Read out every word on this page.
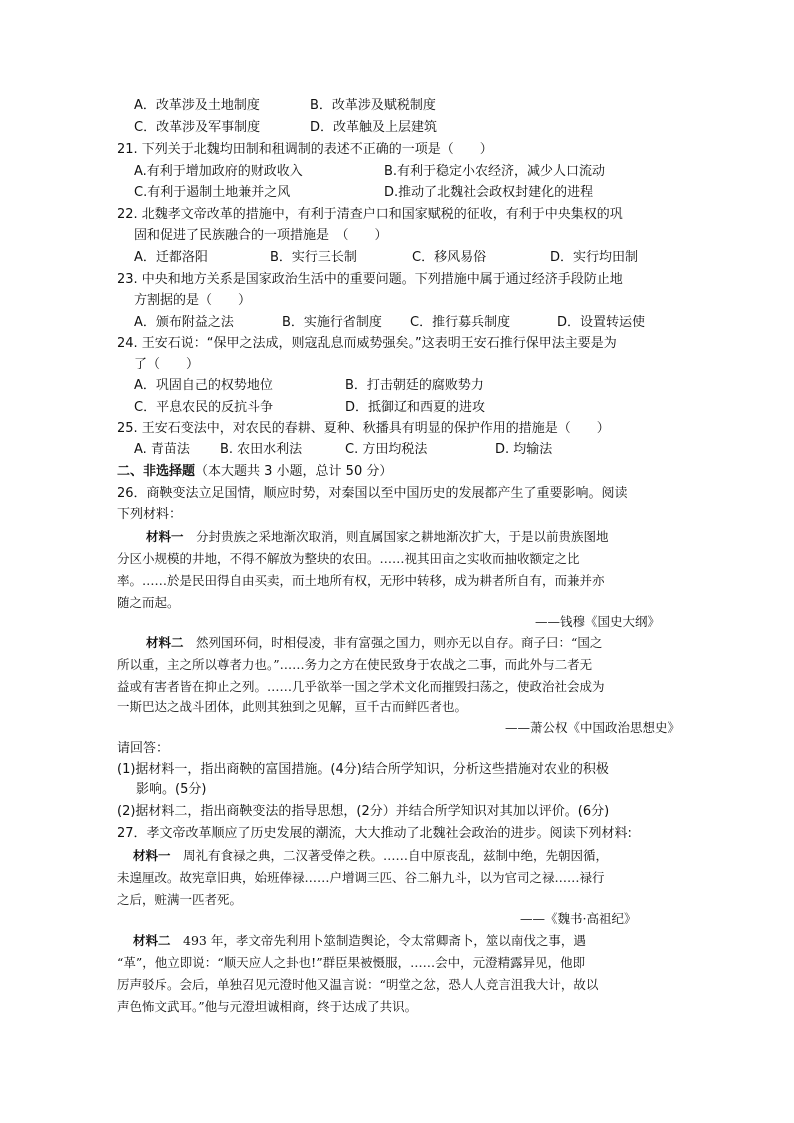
A．改革涉及土地制度	B．改革涉及赋税制度
C．改革涉及军事制度	D．改革触及上层建筑
21. 下列关于北魏均田制和租调制的表述不正确的一项是（　　）
A.有利于增加政府的财政收入	B.有利于稳定小农经济，减少人口流动
C.有利于遏制土地兼并之风	D.推动了北魏社会政权封建化的进程
22. 北魏孝文帝改革的措施中，有利于清查户口和国家赋税的征收，有利于中央集权的巩
固和促进了民族融合的一项措施是　（　　）
A．迁都洛阳	B．实行三长制	C．移风易俗	D．实行均田制
23. 中央和地方关系是国家政治生活中的重要问题。下列措施中属于通过经济手段防止地
方割据的是（　　）
A．颁布附益之法	B．实施行省制度 C．推行募兵制度	D．设置转运使
24. 王安石说：“保甲之法成，则寇乱息而威势强矣。”这表明王安石推行保甲法主要是为
了（　　）
A．巩固自己的权势地位	B．打击朝廷的腐败势力
C．平息农民的反抗斗争	D．抵御辽和西夏的进攻
25. 王安石变法中，对农民的春耕、夏种、秋播具有明显的保护作用的措施是（　　）
A. 青苗法 B. 农田水利法	C. 方田均税法	D. 均输法
二、非选择题（本大题共 3 小题，总计 50 分）
26．商鞅变法立足国情，顺应时势，对秦国以至中国历史的发展都产生了重要影响。阅读
下列材料：
材料一　 分封贵族之采地渐次取消，则直属国家之耕地渐次扩大，于是以前贵族图地
分区小规模的井地，不得不解放为整块的农田。……视其田亩之实收而抽收额定之比
率。……於是民田得自由买卖，而土地所有权，无形中转移，成为耕者所自有，而兼并亦
随之而起。
——钱穆《国史大纲》
材料二　 然列国环伺，时相侵凌，非有富强之国力，则亦无以自存。商子曰：“国之
所以重，主之所以尊者力也。”……务力之方在使民致身于农战之二事，而此外与二者无
益或有害者皆在抑止之列。……几乎欲举一国之学术文化而摧毁扫荡之，使政治社会成为
一斯巴达之战斗团体，此则其独到之见解，亘千古而鲜匹者也。
——萧公权《中国政治思想史》
请回答：
(1)据材料一，指出商鞅的富国措施。(4分)结合所学知识，分析这些措施对农业的积极
影响。(5分)
(2)据材料二，指出商鞅变法的指导思想，(2分）并结合所学知识对其加以评价。(6分)
27．孝文帝改革顺应了历史发展的潮流，大大推动了北魏社会政治的进步。阅读下列材料:
材料一　 周礼有食禄之典，二汉著受俸之秩。……自中原丧乱，兹制中绝，先朝因循，
未遑厘改。故宪章旧典，始班俸禄……户增调三匹、谷二斛九斗，以为官司之禄……禄行
之后，赃满一匹者死。
——《魏书·高祖纪》
材料二　 493 年，孝文帝先利用卜筮制造舆论，令太常卿斋卜，筮以南伐之事，遇
“革”，他立即说：“顺天应人之卦也!”群臣果被慑服，……会中，元澄精露异见，他即
厉声驳斥。会后，单独召见元澄时他又温言说：“明堂之忿，恐人人竞言沮我大计，故以
声色怖文武耳。”他与元澄坦诚相商，终于达成了共识。
